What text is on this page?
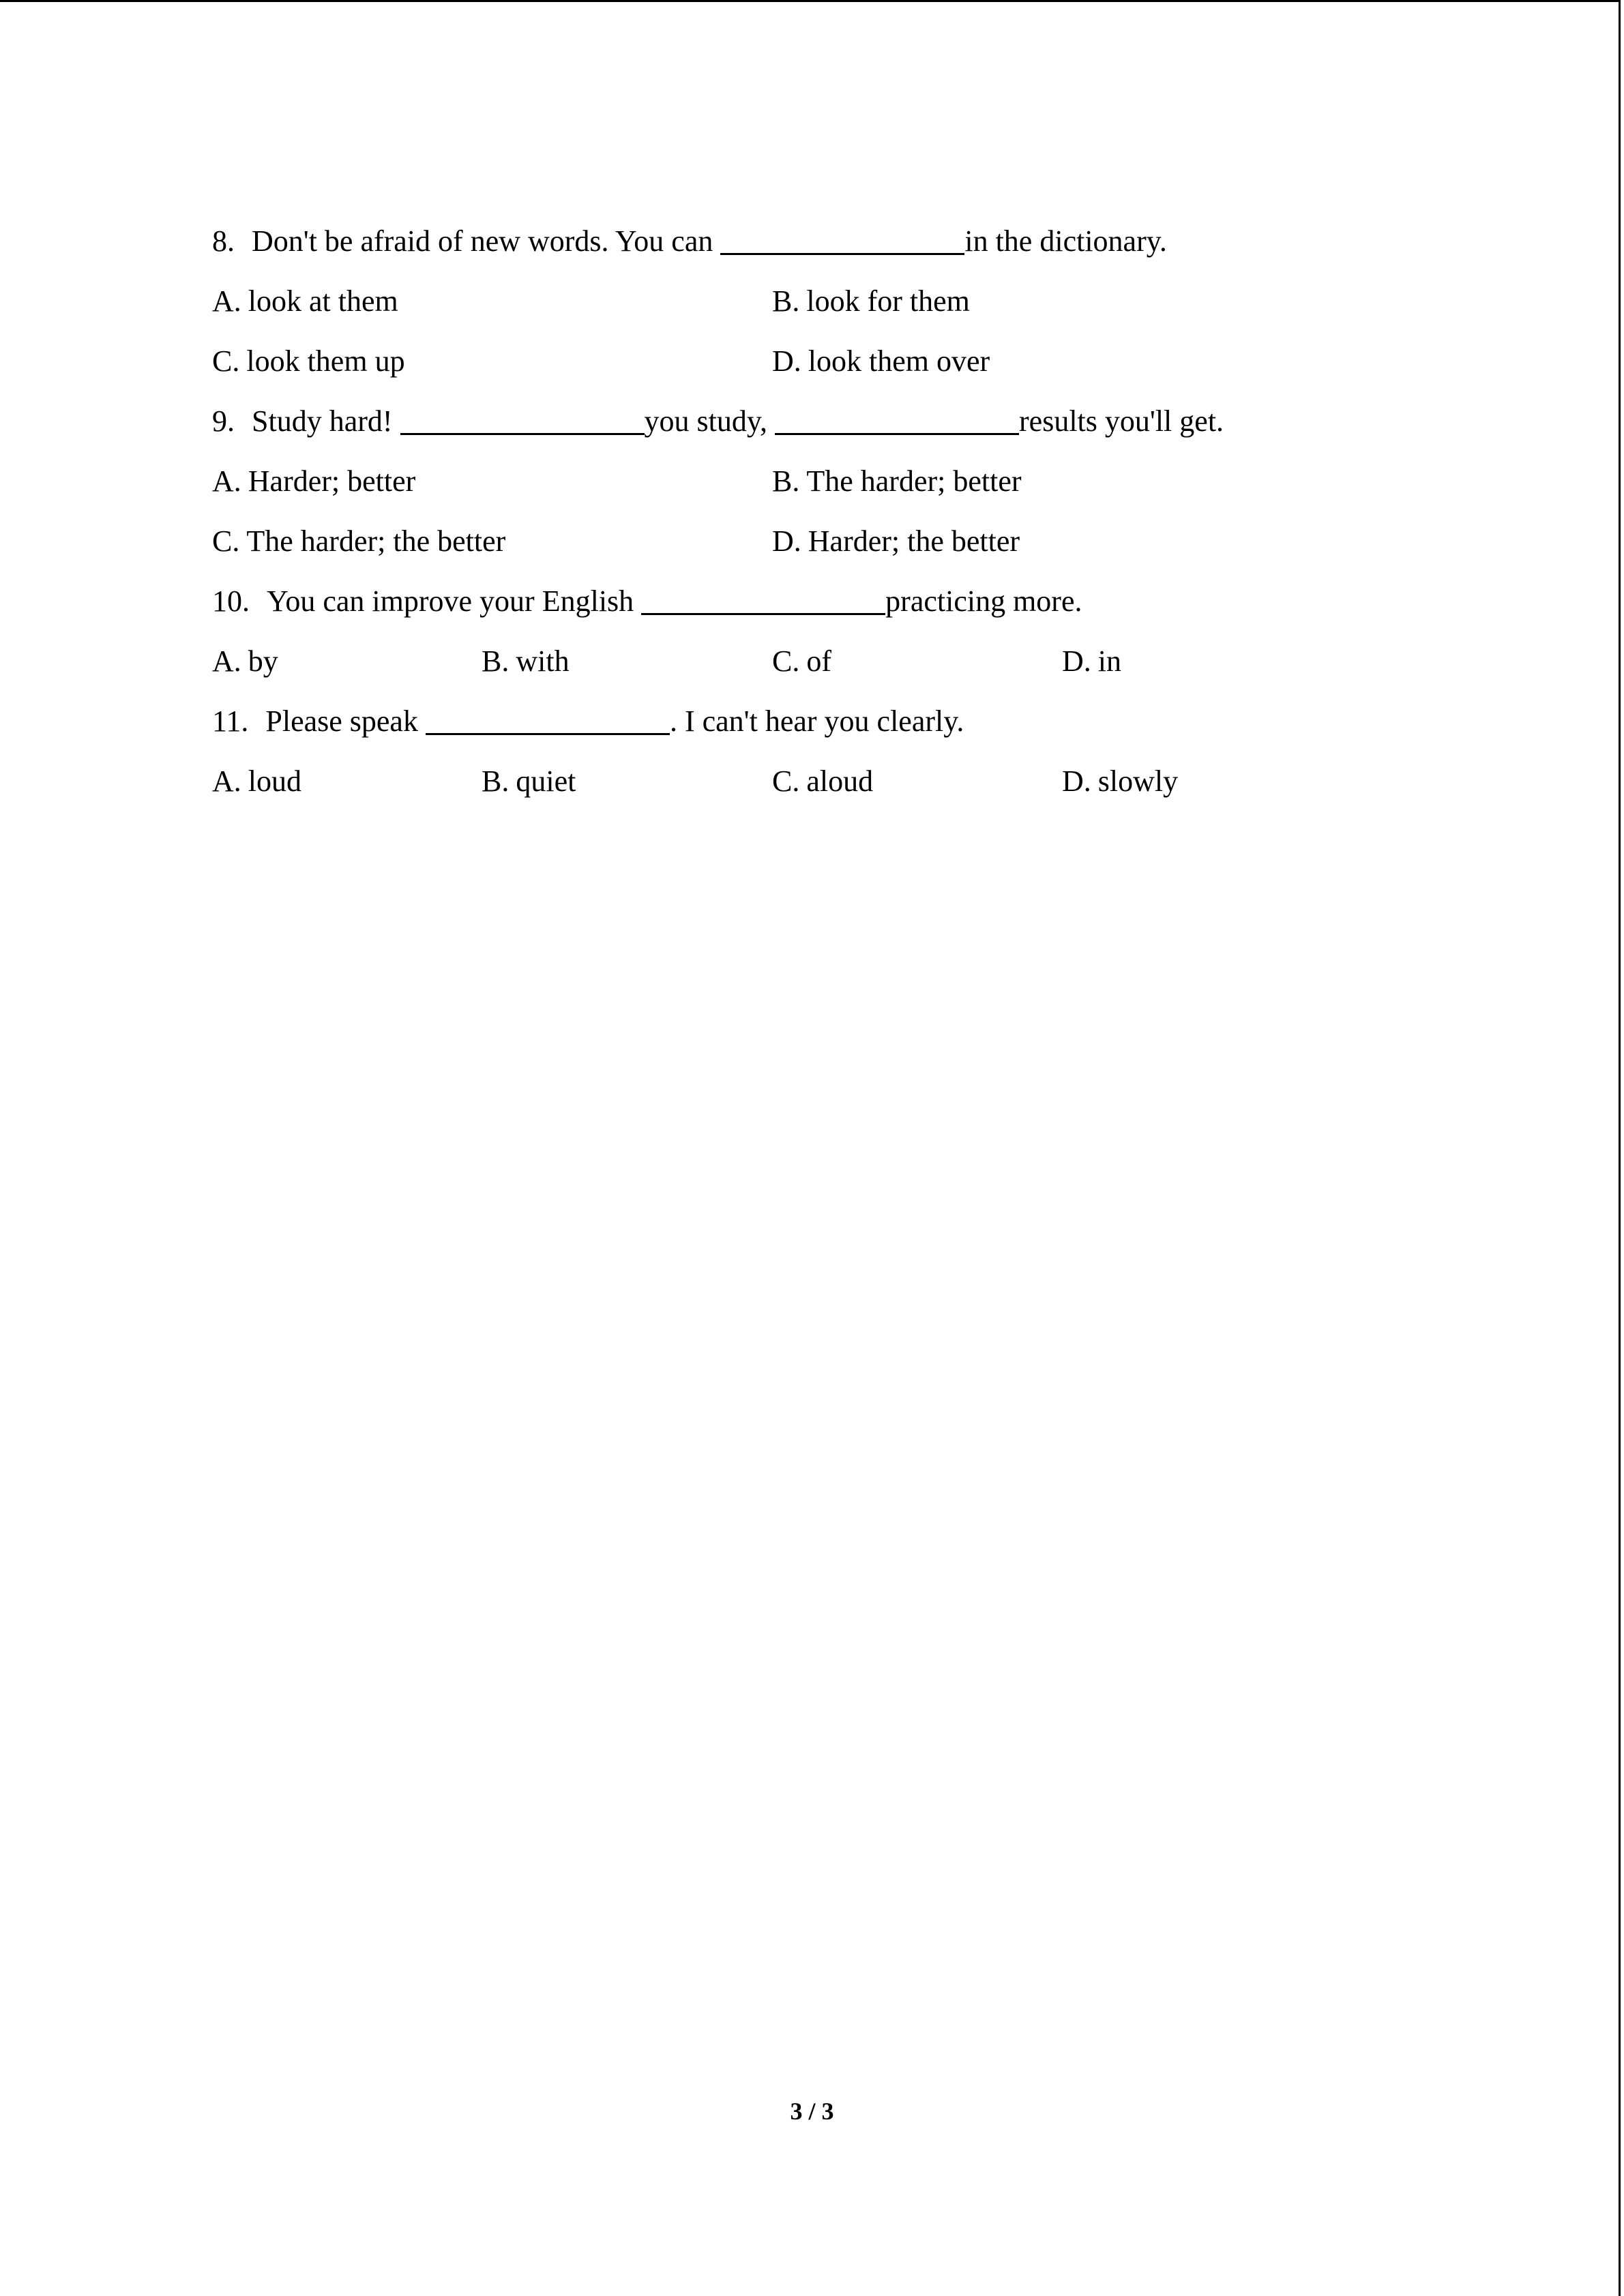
8. Don't be afraid of new words. You can	in the dictionary.
A. look at them	B. look for them
C. look them up	D. look them over
9. Study hard!	you study,	results you'll get.
A. Harder; better	B. The harder; better
C. The harder; the better	D. Harder; the better
10. You can improve your English	practicing more.
A. by	B. with	C. of	D. in
11. Please speak	. I can't hear you clearly.
A. loud	B. quiet	C. aloud	D. slowly
3 / 3
